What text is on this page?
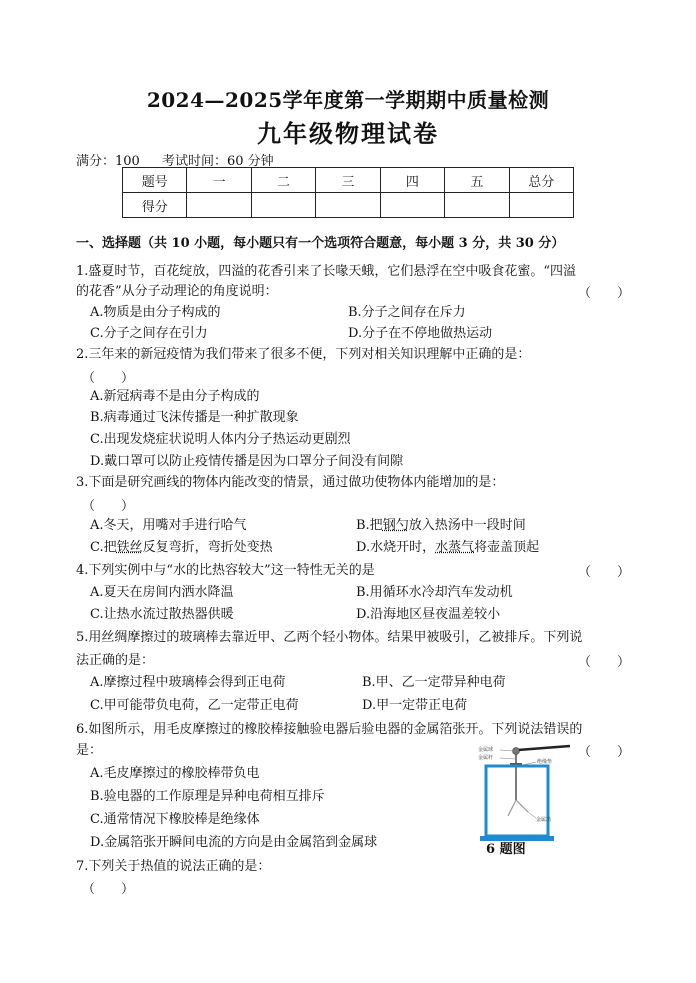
2024—2025学年度第一学期期中质量检测
九年级物理试卷
满分：100 考试时间：60 分钟
题号	一	二	三	四	五	总分
得分						
一、选择题（共 10 小题，每小题只有一个选项符合题意，每小题 3 分，共 30 分）
1.盛夏时节，百花绽放，四溢的花香引来了长喙天蛾，它们悬浮在空中吸食花蜜。“四溢
的花香”从分子动理论的角度说明：	（　　）
A.物质是由分子构成的	B.分子之间存在斥力
C.分子之间存在引力	D.分子在不停地做热运动
2.三年来的新冠疫情为我们带来了很多不便，下列对相关知识理解中正确的是：
（　　）
A.新冠病毒不是由分子构成的
B.病毒通过飞沫传播是一种扩散现象
C.出现发烧症状说明人体内分子热运动更剧烈
D.戴口罩可以防止疫情传播是因为口罩分子间没有间隙
3.下面是研究画线的物体内能改变的情景，通过做功使物体内能增加的是：
（　　）
A.冬天，用嘴对手进行哈气	B.把钢勺放入热汤中一段时间
C.把铁丝反复弯折，弯折处变热	D.水烧开时，水蒸气将壶盖顶起
4.下列实例中与“水的比热容较大”这一特性无关的是	（　　）
A.夏天在房间内洒水降温	B.用循环水冷却汽车发动机
C.让热水流过散热器供暖	D.沿海地区昼夜温差较小
5.用丝绸摩擦过的玻璃棒去靠近甲、乙两个轻小物体。结果甲被吸引，乙被排斥。下列说
法正确的是：	（　　）
A.摩擦过程中玻璃棒会得到正电荷	B.甲、乙一定带异种电荷
C.甲可能带负电荷，乙一定带正电荷	D.甲一定带正电荷
6.如图所示，用毛皮摩擦过的橡胶棒接触验电器后验电器的金属箔张开。下列说法错误的
是：	（　　）
A.毛皮摩擦过的橡胶棒带负电
B.验电器的工作原理是异种电荷相互排斥
C.通常情况下橡胶棒是绝缘体
D.金属箔张开瞬间电流的方向是由金属箔到金属球
金属球
金属杆
绝缘垫
金属箔
6 题图
7.下列关于热值的说法正确的是：
（　　）
